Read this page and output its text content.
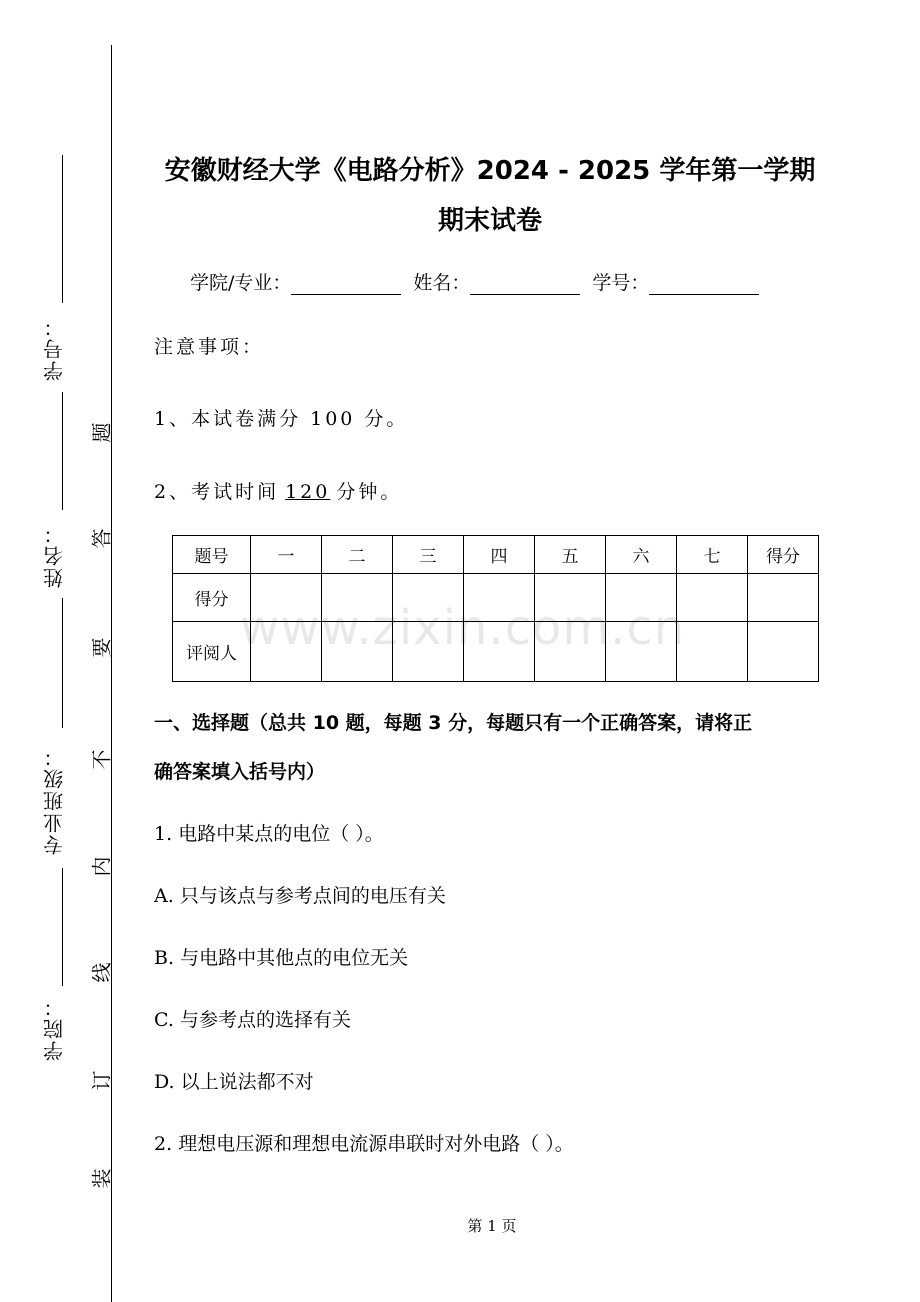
学号：
姓名：
专业班级：
学院：
题
答
要
不
内
线
订
装
安徽财经大学《电路分析》2024 - 2025 学年第一学期
期末试卷
学院/专业：	姓名：	学号：
注意事项：
1、本试卷满分 100 分。
2、考试时间 120 分钟。
题号	一	二	三	四	五	六	七	得分
得分								
评阅人								www.zixin.com.cn
一、选择题（总共 10 题，每题 3 分，每题只有一个正确答案，请将正
确答案填入括号内）
1. 电路中某点的电位（ ）。
A. 只与该点与参考点间的电压有关
B. 与电路中其他点的电位无关
C. 与参考点的选择有关
D. 以上说法都不对
2. 理想电压源和理想电流源串联时对外电路（ ）。
第 1 页
